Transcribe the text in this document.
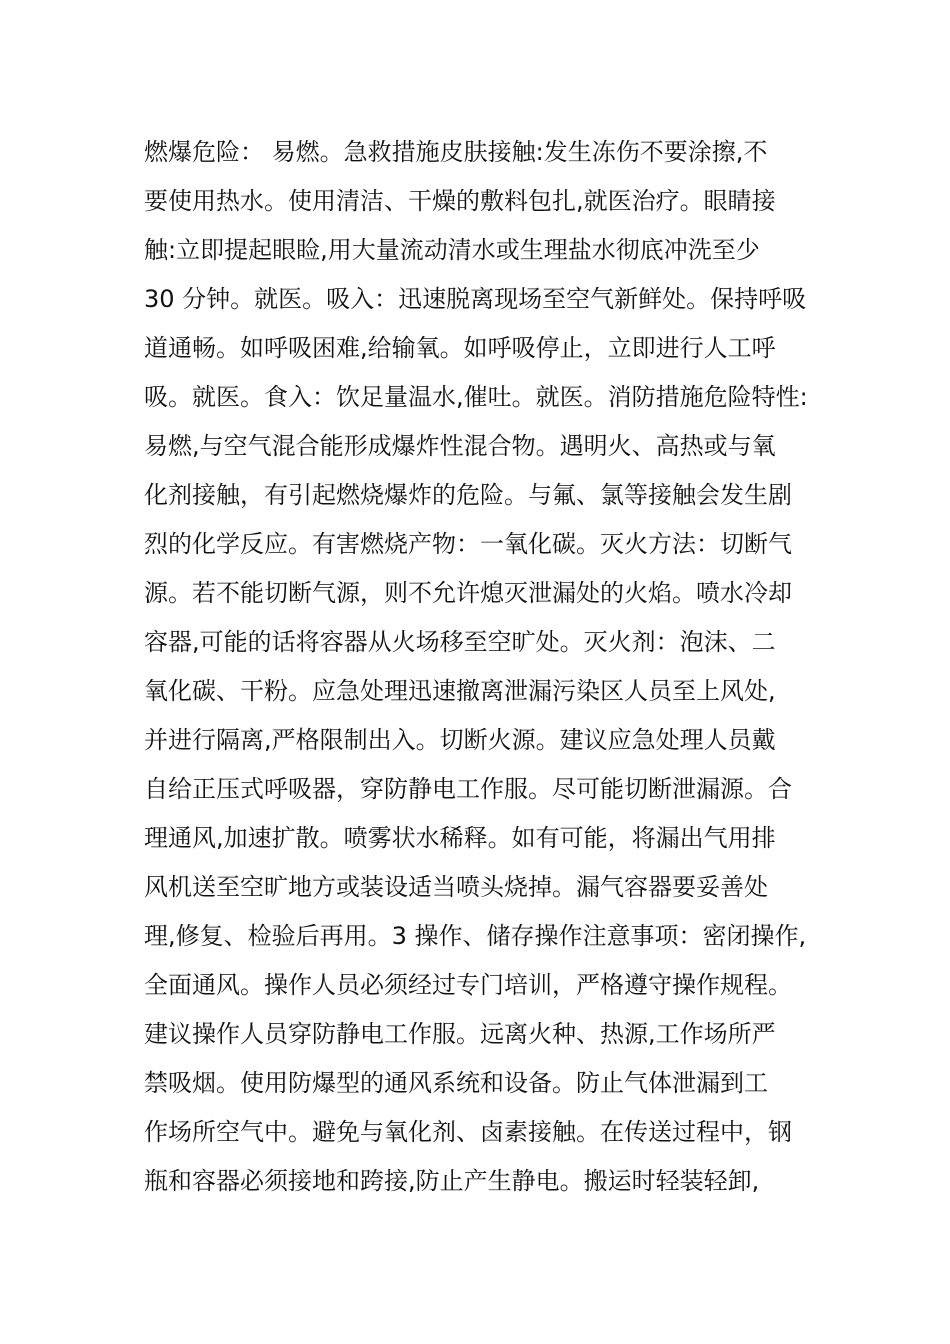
燃爆危险： 易燃。急救措施皮肤接触:发生冻伤不要涂擦,不
要使用热水。使用清洁、干燥的敷料包扎,就医治疗。眼睛接
触:立即提起眼睑,用大量流动清水或生理盐水彻底冲洗至少
30 分钟。就医。吸入：迅速脱离现场至空气新鲜处。保持呼吸
道通畅。如呼吸困难,给输氧。如呼吸停止，立即进行人工呼
吸。就医。食入：饮足量温水,催吐。就医。消防措施危险特性:
易燃,与空气混合能形成爆炸性混合物。遇明火、高热或与氧
化剂接触，有引起燃烧爆炸的危险。与氟、氯等接触会发生剧
烈的化学反应。有害燃烧产物：一氧化碳。灭火方法：切断气
源。若不能切断气源，则不允许熄灭泄漏处的火焰。喷水冷却
容器,可能的话将容器从火场移至空旷处。灭火剂：泡沫、二
氧化碳、干粉。应急处理迅速撤离泄漏污染区人员至上风处,
并进行隔离,严格限制出入。切断火源。建议应急处理人员戴
自给正压式呼吸器，穿防静电工作服。尽可能切断泄漏源。合
理通风,加速扩散。喷雾状水稀释。如有可能，将漏出气用排
风机送至空旷地方或装设适当喷头烧掉。漏气容器要妥善处
理,修复、检验后再用。3 操作、储存操作注意事项：密闭操作,
全面通风。操作人员必须经过专门培训，严格遵守操作规程。
建议操作人员穿防静电工作服。远离火种、热源,工作场所严
禁吸烟。使用防爆型的通风系统和设备。防止气体泄漏到工
作场所空气中。避免与氧化剂、卤素接触。在传送过程中，钢
瓶和容器必须接地和跨接,防止产生静电。搬运时轻装轻卸,
